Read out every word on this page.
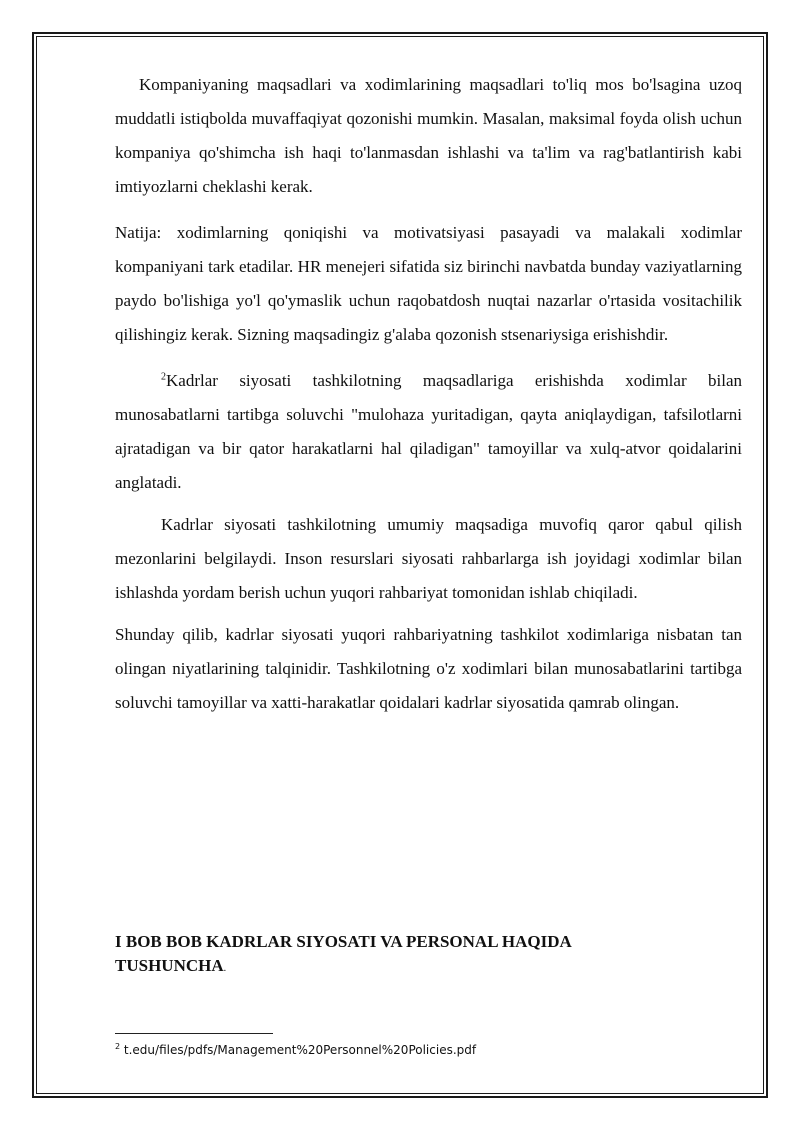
Kompaniyaning maqsadlari va xodimlarining maqsadlari to'liq mos bo'lsagina uzoq muddatli istiqbolda muvaffaqiyat qozonishi mumkin. Masalan, maksimal foyda olish uchun kompaniya qo'shimcha ish haqi to'lanmasdan ishlashi va ta'lim va rag'batlantirish kabi imtiyozlarni cheklashi kerak.

Natija: xodimlarning qoniqishi va motivatsiyasi pasayadi va malakali xodimlar kompaniyani tark etadilar. HR menejeri sifatida siz birinchi navbatda bunday vaziyatlarning paydo bo'lishiga yo'l qo'ymaslik uchun raqobatdosh nuqtai nazarlar o'rtasida vositachilik qilishingiz kerak. Sizning maqsadingiz g'alaba qozonish stsenariysiga erishishdir.

$^2$Kadrlar siyosati tashkilotning maqsadlariga erishishda xodimlar bilan munosabatlarni tartibga soluvchi "mulohaza yuritadigan, qayta aniqlaydigan, tafsilotlarni ajratadigan va bir qator harakatlarni hal qiladigan" tamoyillar va xulq-atvor qoidalarini anglatadi.

Kadrlar siyosati tashkilotning umumiy maqsadiga muvofiq qaror qabul qilish mezonlarini belgilaydi. Inson resurslari siyosati rahbarlarga ish joyidagi xodimlar bilan ishlashda yordam berish uchun yuqori rahbariyat tomonidan ishlab chiqiladi.

Shunday qilib, kadrlar siyosati yuqori rahbariyatning tashkilot xodimlariga nisbatan tan olingan niyatlarining talqinidir. Tashkilotning o'z xodimlari bilan munosabatlarini tartibga soluvchi tamoyillar va xatti-harakatlar qoidalari kadrlar siyosatida qamrab olingan.

I BOB BOB KADRLAR SIYOSATI VA PERSONAL HAQIDA TUSHUNCHA.
$^2$ t.edu/files/pdfs/Management%20Personnel%20Policies.pdf
